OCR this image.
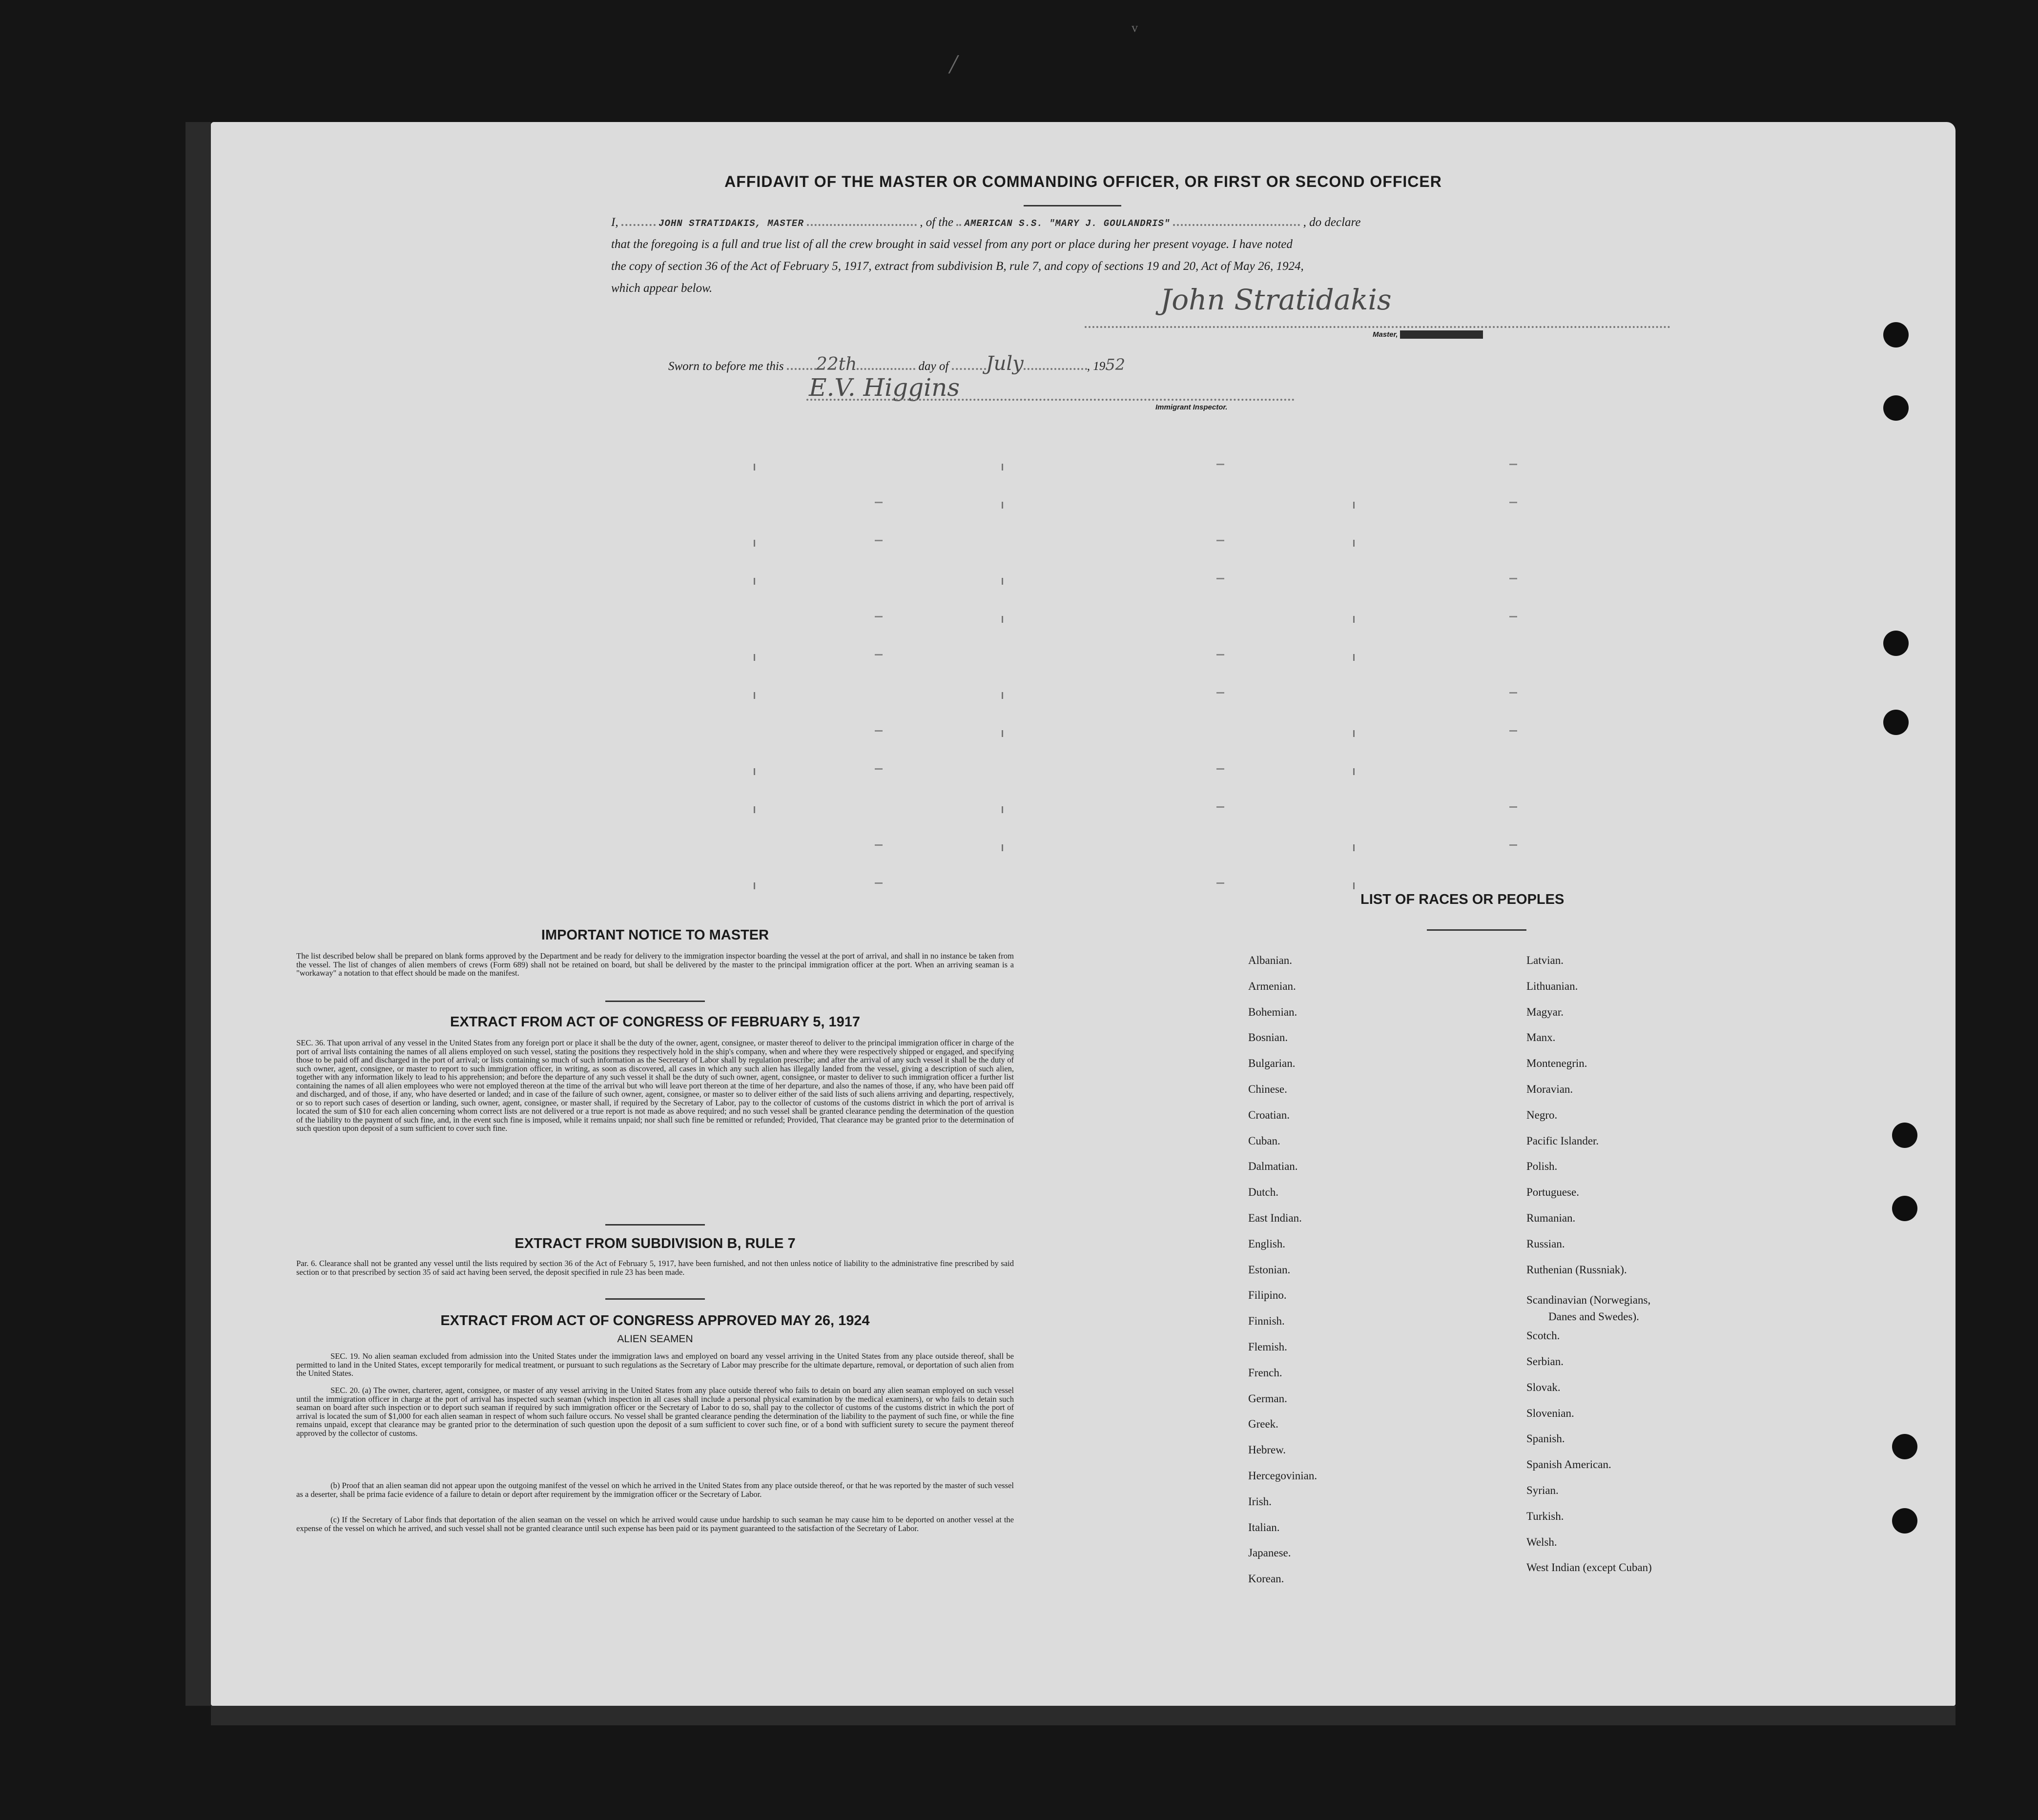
/
v
AFFIDAVIT OF THE MASTER OR COMMANDING OFFICER, OR FIRST OR SECOND OFFICER
I,	JOHN STRATIDAKIS, MASTER	, of the AMERICAN S.S. "MARY J. GOULANDRIS"	, do declare
that the foregoing is a full and true list of all the crew brought in said vessel from any port or place during her present voyage. I have noted
the copy of section 36 of the Act of February 5, 1917, extract from subdivision B, rule 7, and copy of sections 19 and 20, Act of May 26, 1924,
which appear below.	John Stratidakis
Master, First or Second Officer
Sworn to before me this 22th	day of July	, 1952
E.V. Higgins
Immigrant Inspector.
IMPORTANT NOTICE TO MASTER
The list described below shall be prepared on blank forms approved by the Department and be ready for delivery to the immigration inspector boarding the vessel at the port of arrival, and shall in no instance be taken from the vessel. The list of changes of alien members of crews (Form 689) shall not be retained on board, but shall be delivered by the master to the principal immigration officer at the port. When an arriving seaman is a "workaway" a notation to that effect should be made on the manifest.
EXTRACT FROM ACT OF CONGRESS OF FEBRUARY 5, 1917
SEC. 36. That upon arrival of any vessel in the United States from any foreign port or place it shall be the duty of the owner, agent, consignee, or master thereof to deliver to the principal immigration officer in charge of the port of arrival lists containing the names of all aliens employed on such vessel, stating the positions they respectively hold in the ship's company, when and where they were respectively shipped or engaged, and specifying those to be paid off and discharged in the port of arrival; or lists containing so much of such information as the Secretary of Labor shall by regulation prescribe; and after the arrival of any such vessel it shall be the duty of such owner, agent, consignee, or master to report to such immigration officer, in writing, as soon as discovered, all cases in which any such alien has illegally landed from the vessel, giving a description of such alien, together with any information likely to lead to his apprehension; and before the departure of any such vessel it shall be the duty of such owner, agent, consignee, or master to deliver to such immigration officer a further list containing the names of all alien employees who were not employed thereon at the time of the arrival but who will leave port thereon at the time of her departure, and also the names of those, if any, who have been paid off and discharged, and of those, if any, who have deserted or landed; and in case of the failure of such owner, agent, consignee, or master so to deliver either of the said lists of such aliens arriving and departing, respectively, or so to report such cases of desertion or landing, such owner, agent, consignee, or master shall, if required by the Secretary of Labor, pay to the collector of customs of the customs district in which the port of arrival is located the sum of $10 for each alien concerning whom correct lists are not delivered or a true report is not made as above required; and no such vessel shall be granted clearance pending the determination of the question of the liability to the payment of such fine, and, in the event such fine is imposed, while it remains unpaid; nor shall such fine be remitted or refunded; Provided, That clearance may be granted prior to the determination of such question upon deposit of a sum sufficient to cover such fine.
EXTRACT FROM SUBDIVISION B, RULE 7
Par. 6. Clearance shall not be granted any vessel until the lists required by section 36 of the Act of February 5, 1917, have been furnished, and not then unless notice of liability to the administrative fine prescribed by said section or to that prescribed by section 35 of said act having been served, the deposit specified in rule 23 has been made.
EXTRACT FROM ACT OF CONGRESS APPROVED MAY 26, 1924
ALIEN SEAMEN
SEC. 19. No alien seaman excluded from admission into the United States under the immigration laws and employed on board any vessel arriving in the United States from any place outside thereof, shall be permitted to land in the United States, except temporarily for medical treatment, or pursuant to such regulations as the Secretary of Labor may prescribe for the ultimate departure, removal, or deportation of such alien from the United States.
SEC. 20. (a) The owner, charterer, agent, consignee, or master of any vessel arriving in the United States from any place outside thereof who fails to detain on board any alien seaman employed on such vessel until the immigration officer in charge at the port of arrival has inspected such seaman (which inspection in all cases shall include a personal physical examination by the medical examiners), or who fails to detain such seaman on board after such inspection or to deport such seaman if required by such immigration officer or the Secretary of Labor to do so, shall pay to the collector of customs of the customs district in which the port of arrival is located the sum of $1,000 for each alien seaman in respect of whom such failure occurs. No vessel shall be granted clearance pending the determination of the liability to the payment of such fine, or while the fine remains unpaid, except that clearance may be granted prior to the determination of such question upon the deposit of a sum sufficient to cover such fine, or of a bond with sufficient surety to secure the payment thereof approved by the collector of customs.
(b) Proof that an alien seaman did not appear upon the outgoing manifest of the vessel on which he arrived in the United States from any place outside thereof, or that he was reported by the master of such vessel as a deserter, shall be prima facie evidence of a failure to detain or deport after requirement by the immigration officer or the Secretary of Labor.
(c) If the Secretary of Labor finds that deportation of the alien seaman on the vessel on which he arrived would cause undue hardship to such seaman he may cause him to be deported on another vessel at the expense of the vessel on which he arrived, and such vessel shall not be granted clearance until such expense has been paid or its payment guaranteed to the satisfaction of the Secretary of Labor.
LIST OF RACES OR PEOPLES
Albanian.
Armenian.
Bohemian.
Bosnian.
Bulgarian.
Chinese.
Croatian.
Cuban.
Dalmatian.
Dutch.
East Indian.
English.
Estonian.
Filipino.
Finnish.
Flemish.
French.
German.
Greek.
Hebrew.
Hercegovinian.
Irish.
Italian.
Japanese.
Korean.
Latvian.
Lithuanian.
Magyar.
Manx.
Montenegrin.
Moravian.
Negro.
Pacific Islander.
Polish.
Portuguese.
Rumanian.
Russian.
Ruthenian (Russniak).
Scandinavian (Norwegians,
Danes and Swedes).
Scotch.
Serbian.
Slovak.
Slovenian.
Spanish.
Spanish American.
Syrian.
Turkish.
Welsh.
West Indian (except Cuban)
